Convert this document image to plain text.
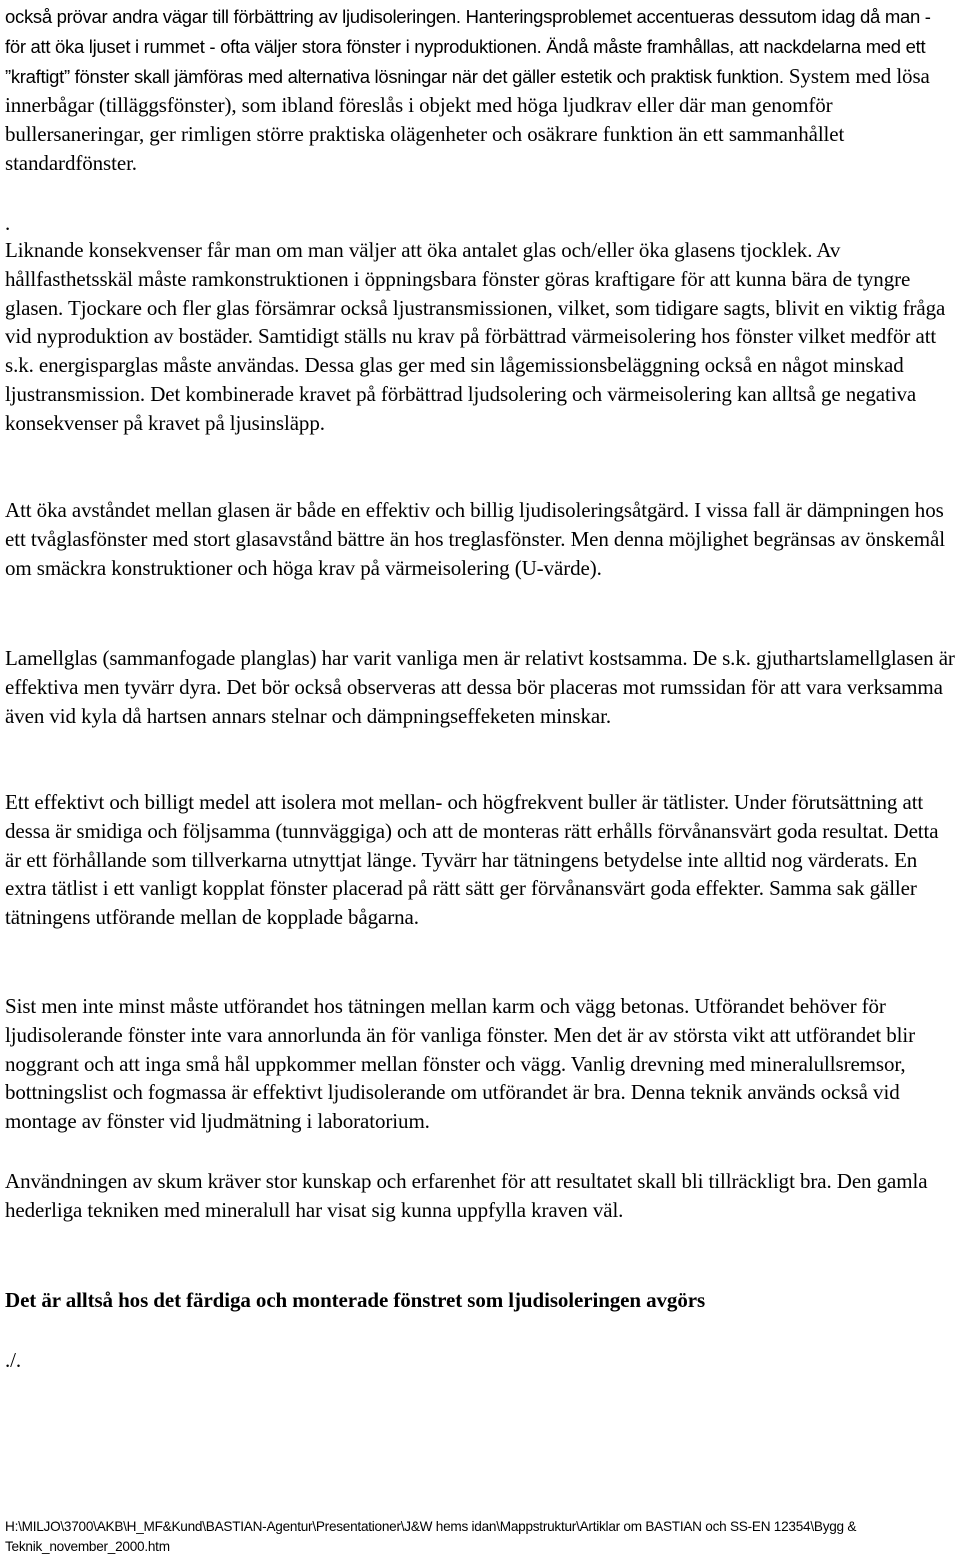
också prövar andra vägar till förbättring av ljudisoleringen. Hanteringsproblemet accentueras dessutom idag då man - för att öka ljuset i rummet - ofta väljer stora fönster i nyproduktionen. Ändå måste framhållas, att nackdelarna med ett ”kraftigt” fönster skall jämföras med alternativa lösningar när det gäller estetik och praktisk funktion. System med lösa innerbågar (tilläggsfönster), som ibland föreslås i objekt med höga ljudkrav eller där man genomför bullersaneringar, ger rimligen större praktiska olägenheter och osäkrare funktion än ett sammanhållet standardfönster.

.

Liknande konsekvenser får man om man väljer att öka antalet glas och/eller öka glasens tjocklek. Av hållfasthetsskäl måste ramkonstruktionen i öppningsbara fönster göras kraftigare för att kunna bära de tyngre glasen. Tjockare och fler glas försämrar också ljustransmissionen, vilket, som tidigare sagts, blivit en viktig fråga vid nyproduktion av bostäder. Samtidigt ställs nu krav på förbättrad värmeisolering hos fönster vilket medför att s.k. energisparglas måste användas. Dessa glas ger med sin lågemissionsbeläggning också en något minskad ljustransmission. Det kombinerade kravet på förbättrad ljudsolering och värmeisolering kan alltså ge negativa konsekvenser på kravet på ljusinsläpp.

Att öka avståndet mellan glasen är både en effektiv och billig ljudisoleringsåtgärd. I vissa fall är dämpningen hos ett tvåglasfönster med stort glasavstånd bättre än hos treglasfönster. Men denna möjlighet begränsas av önskemål om smäckra konstruktioner och höga krav på värmeisolering (U-värde).

Lamellglas (sammanfogade planglas) har varit vanliga men är relativt kostsamma. De s.k. gjuthartslamellglasen är effektiva men tyvärr dyra. Det bör också observeras att dessa bör placeras mot rumssidan för att vara verksamma även vid kyla då hartsen annars stelnar och dämpningseffeketen minskar.

Ett effektivt och billigt medel att isolera mot mellan- och högfrekvent buller är tätlister. Under förutsättning att dessa är smidiga och följsamma (tunnväggiga) och att de monteras rätt erhålls förvånansvärt goda resultat. Detta är ett förhållande som tillverkarna utnyttjat länge. Tyvärr har tätningens betydelse inte alltid nog värderats. En extra tätlist i ett vanligt kopplat fönster placerad på rätt sätt ger förvånansvärt goda effekter. Samma sak gäller tätningens utförande mellan de kopplade bågarna.

Sist men inte minst måste utförandet hos tätningen mellan karm och vägg betonas. Utförandet behöver för ljudisolerande fönster inte vara annorlunda än för vanliga fönster. Men det är av största vikt att utförandet blir noggrant och att inga små hål uppkommer mellan fönster och vägg. Vanlig drevning med mineralullsremsor, bottningslist och fogmassa är effektivt ljudisolerande om utförandet är bra. Denna teknik används också vid montage av fönster vid ljudmätning i laboratorium.

Användningen av skum kräver stor kunskap och erfarenhet för att resultatet skall bli tillräckligt bra. Den gamla hederliga tekniken med mineralull har visat sig kunna uppfylla kraven väl.

Det är alltså hos det färdiga och monterade fönstret som ljudisoleringen avgörs

./.

H:\MILJO\3700\AKB\H_MF&Kund\BASTIAN-Agentur\Presentationer\J&W hems idan\Mappstruktur\Artiklar om BASTIAN och SS-EN 12354\Bygg & Teknik_november_2000.htm
